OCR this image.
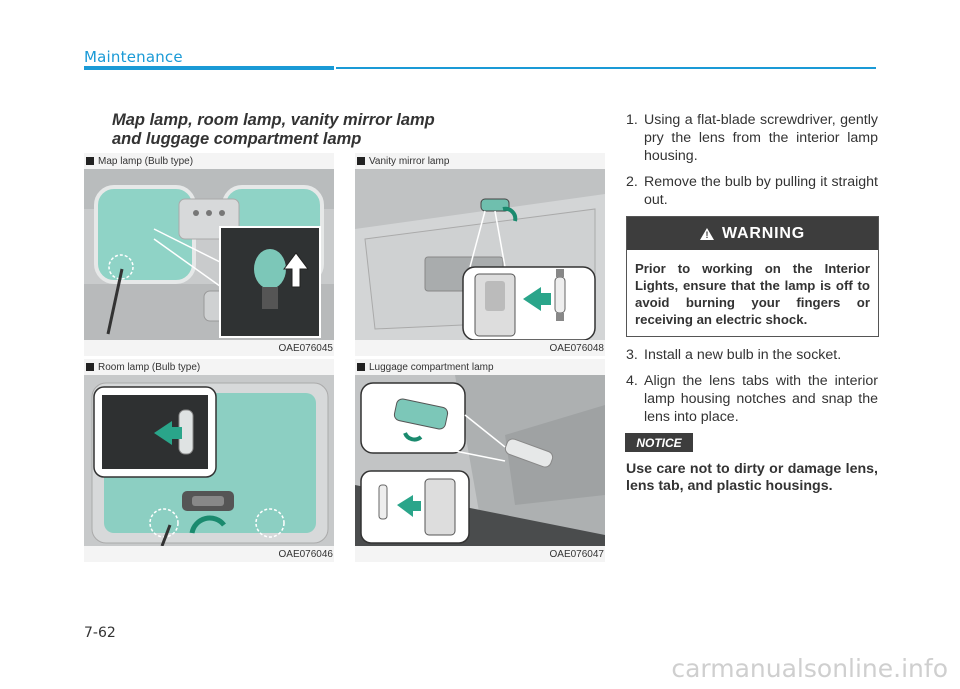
Maintenance
Map lamp, room lamp, vanity mirror lamp and luggage compartment lamp
Map lamp (Bulb type)
OAE076045
Vanity mirror lamp
OAE076048
Room lamp (Bulb type)
OAE076046
Luggage compartment lamp
OAE076047
1. Using a flat-blade screwdriver, gently pry the lens from the interior lamp housing.
2. Remove the bulb by pulling it straight out.
! WARNING
Prior to working on the Interior Lights, ensure that the lamp is off to avoid burning your fingers or receiving an electric shock.
3. Install a new bulb in the socket.
4. Align the lens tabs with the interior lamp housing notches and snap the lens into place.
NOTICE
Use care not to dirty or damage lens, lens tab, and plastic housings.
7-62
carmanualsonline.info
